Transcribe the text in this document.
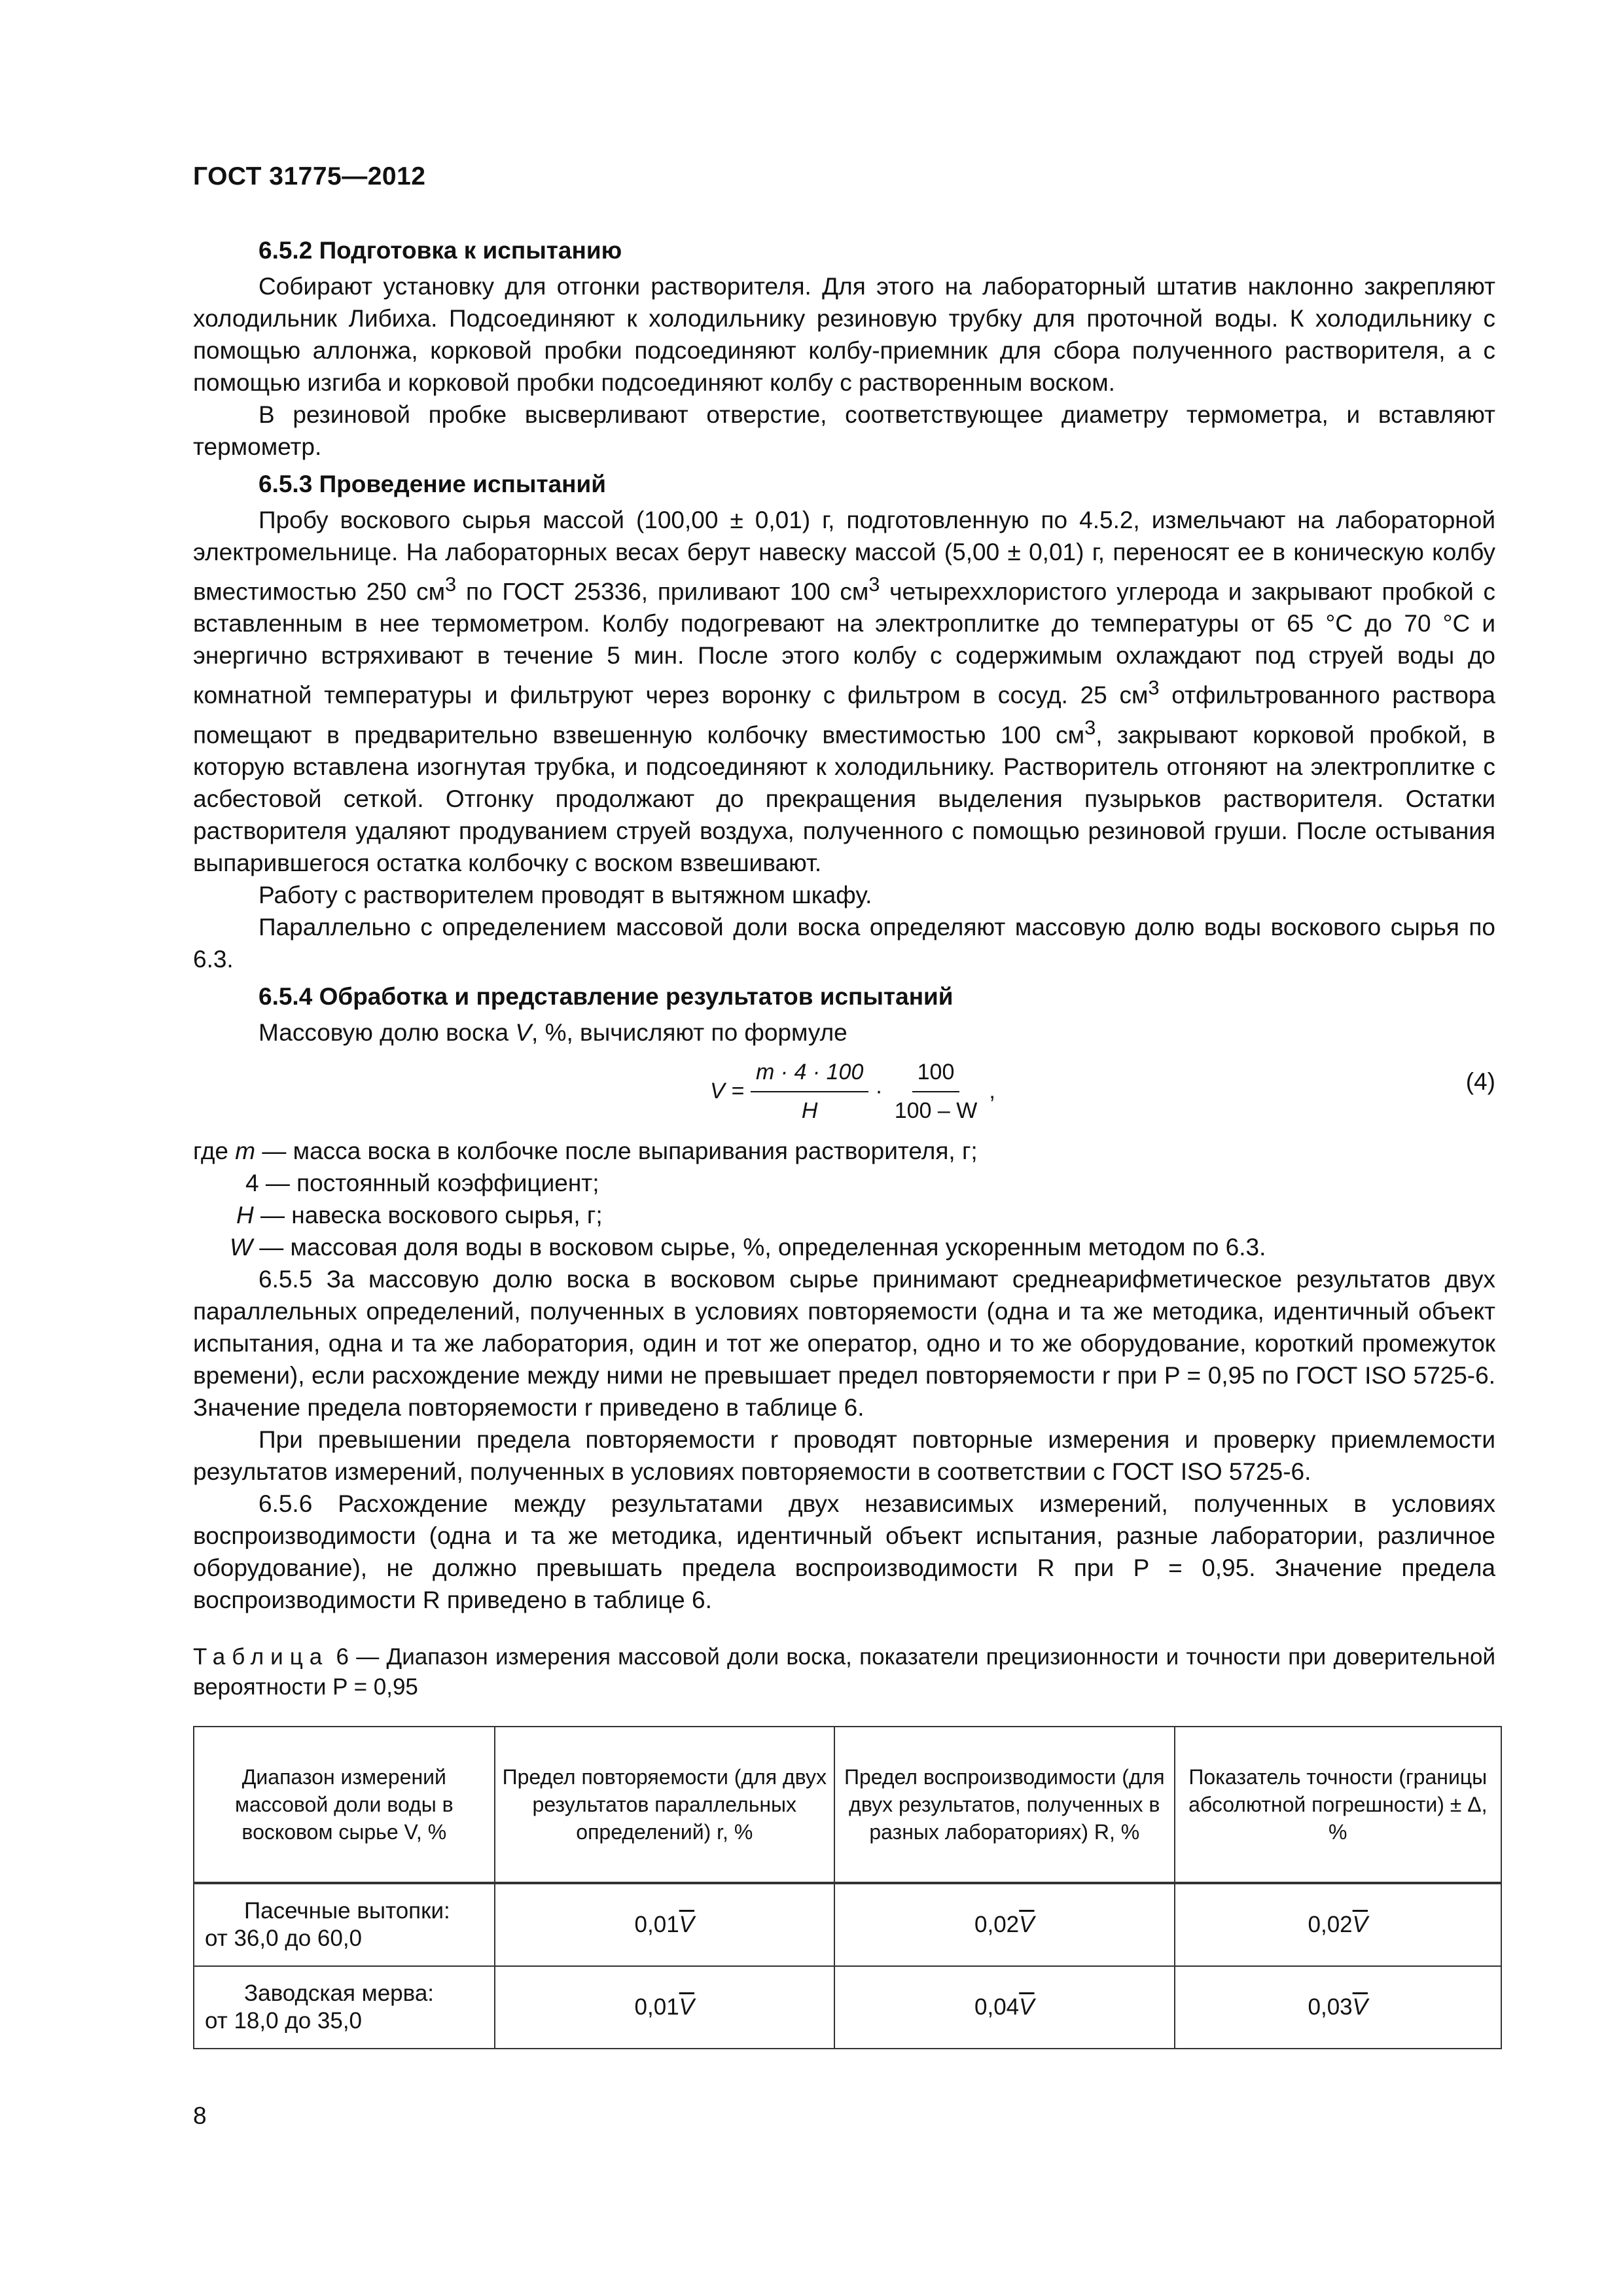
ГОСТ 31775—2012
6.5.2 Подготовка к испытанию

Собирают установку для отгонки растворителя. Для этого на лабораторный штатив наклонно закрепляют холодильник Либиха. Подсоединяют к холодильнику резиновую трубку для проточной воды. К холодильнику с помощью аллонжа, корковой пробки подсоединяют колбу-приемник для сбора полученного растворителя, а с помощью изгиба и корковой пробки подсоединяют колбу с растворенным воском.

В резиновой пробке высверливают отверстие, соответствующее диаметру термометра, и вставляют термометр.

6.5.3 Проведение испытаний

Пробу воскового сырья массой (100,00 ± 0,01) г, подготовленную по 4.5.2, измельчают на лабораторной электромельнице. На лабораторных весах берут навеску массой (5,00 ± 0,01) г, переносят ее в коническую колбу вместимостью 250 $см^3$ по ГОСТ 25336, приливают 100 $см^3$ четыреххлористого углерода и закрывают пробкой с вставленным в нее термометром. Колбу подогревают на электроплитке до температуры от 65 °С до 70 °С и энергично встряхивают в течение 5 мин. После этого колбу с содержимым охлаждают под струей воды до комнатной температуры и фильтруют через воронку с фильтром в сосуд. 25 $см^3$ отфильтрованного раствора помещают в предварительно взвешенную колбочку вместимостью 100 $см^3$, закрывают корковой пробкой, в которую вставлена изогнутая трубка, и подсоединяют к холодильнику. Растворитель отгоняют на электроплитке с асбестовой сеткой. Отгонку продолжают до прекращения выделения пузырьков растворителя. Остатки растворителя удаляют продуванием струей воздуха, полученного с помощью резиновой груши. После остывания выпарившегося остатка колбочку с воском взвешивают.

Работу с растворителем проводят в вытяжном шкафу.

Параллельно с определением массовой доли воска определяют массовую долю воды воскового сырья по 6.3.

6.5.4 Обработка и представление результатов испытаний

Массовую долю воска V, %, вычисляют по формуле

$V = \frac{m \cdot 4 \cdot 100}{H} \cdot \frac{100}{100 - W}$ ,	(4)
где m — масса воска в колбочке после выпаривания растворителя, г;
4 — постоянный коэффициент;
H — навеска воскового сырья, г;
W — массовая доля воды в восковом сырье, %, определенная ускоренным методом по 6.3.

6.5.5 За массовую долю воска в восковом сырье принимают среднеарифметическое результатов двух параллельных определений, полученных в условиях повторяемости (одна и та же методика, идентичный объект испытания, одна и та же лаборатория, один и тот же оператор, одно и то же оборудование, короткий промежуток времени), если расхождение между ними не превышает предел повторяемости r при P = 0,95 по ГОСТ ISO 5725-6. Значение предела повторяемости r приведено в таблице 6.

При превышении предела повторяемости r проводят повторные измерения и проверку приемлемости результатов измерений, полученных в условиях повторяемости в соответствии с ГОСТ ISO 5725-6.

6.5.6 Расхождение между результатами двух независимых измерений, полученных в условиях воспроизводимости (одна и та же методика, идентичный объект испытания, разные лаборатории, различное оборудование), не должно превышать предела воспроизводимости R при P = 0,95. Значение предела воспроизводимости R приведено в таблице 6.

Таблица 6 — Диапазон измерения массовой доли воска, показатели прецизионности и точности при доверительной вероятности P = 0,95
Диапазон измерений массовой доли воды в восковом сырье V, %	Предел повторяемости (для двух результатов параллельных определений) r, %	Предел воспроизводимости (для двух результатов, полученных в разных лабораториях) R, %	Показатель точности (границы абсолютной погрешности) ± Δ, %

Пасечные вытопки:
от 36,0 до 60,0	$0,01\overline{V}$	$0,02\overline{V}$	$0,02\overline{V}$

Заводская мерва:
от 18,0 до 35,0	$0,01\overline{V}$	$0,04\overline{V}$	$0,03\overline{V}$
8
